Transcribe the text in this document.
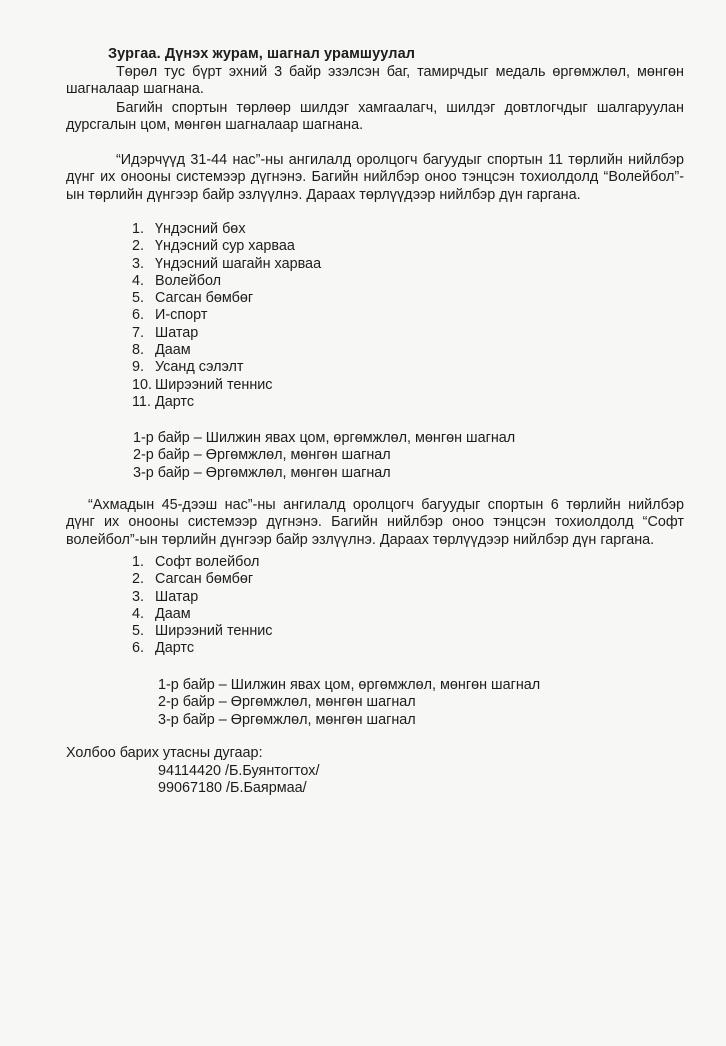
Зургаа. Дүнэх журам, шагнал урамшуулал
Төрөл тус бүрт эхний 3 байр эзэлсэн баг, тамирчдыг медаль өргөмжлөл, мөнгөн шагналаар шагнана.
Багийн спортын төрлөөр шилдэг хамгаалагч, шилдэг довтлогчдыг шалгаруулан дурсгалын цом, мөнгөн шагналаар шагнана.
“Идэрчүүд 31-44 нас”-ны ангилалд оролцогч багуудыг спортын 11 төрлийн нийлбэр дүнг их онооны системээр дүгнэнэ. Багийн нийлбэр оноо тэнцсэн тохиолдолд “Волейбол”-ын төрлийн дүнгээр байр эзлүүлнэ. Дараах төрлүүдээр нийлбэр дүн гаргана.
1. Үндэсний бөх
2. Үндэсний сур харваа
3. Үндэсний шагайн харваа
4. Волейбол
5. Сагсан бөмбөг
6. И-спорт
7. Шатар
8. Даам
9. Усанд сэлэлт
10. Ширээний теннис
11. Дартс
1-р байр – Шилжин явах цом, өргөмжлөл, мөнгөн шагнал
2-р байр – Өргөмжлөл, мөнгөн шагнал
3-р байр – Өргөмжлөл, мөнгөн шагнал
“Ахмадын 45-дээш нас”-ны ангилалд оролцогч багуудыг спортын 6 төрлийн нийлбэр дүнг их онооны системээр дүгнэнэ. Багийн нийлбэр оноо тэнцсэн тохиолдолд “Софт волейбол”-ын төрлийн дүнгээр байр эзлүүлнэ. Дараах төрлүүдээр нийлбэр дүн гаргана.
1. Софт волейбол
2. Сагсан бөмбөг
3. Шатар
4. Даам
5. Ширээний теннис
6. Дартс
1-р байр – Шилжин явах цом, өргөмжлөл, мөнгөн шагнал
2-р байр – Өргөмжлөл, мөнгөн шагнал
3-р байр – Өргөмжлөл, мөнгөн шагнал
Холбоо барих утасны дугаар:
94114420 /Б.Буянтогтох/
99067180 /Б.Баярмаа/
